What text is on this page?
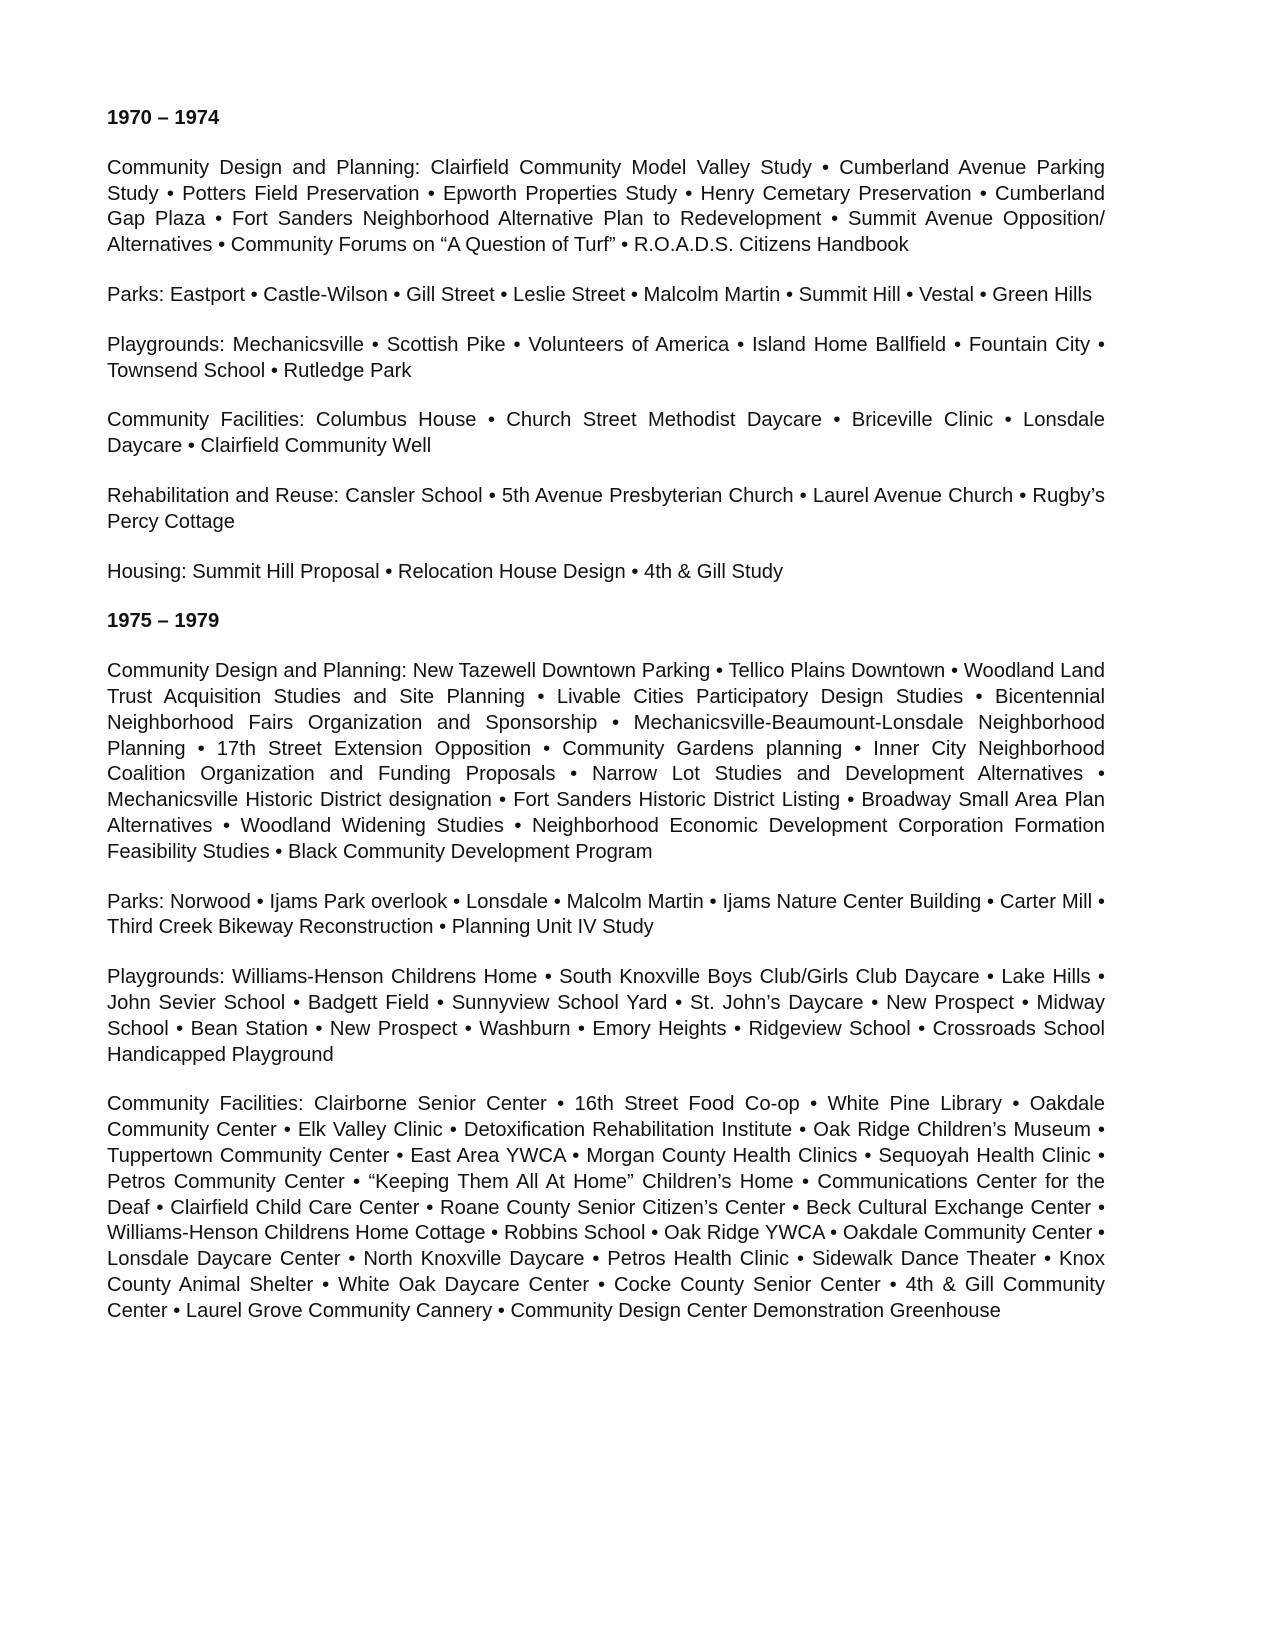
1970 – 1974

Community Design and Planning: Clairfield Community Model Valley Study • Cumberland Avenue Parking Study • Potters Field Preservation • Epworth Properties Study • Henry Cemetary Preservation • Cumberland Gap Plaza • Fort Sanders Neighborhood Alternative Plan to Redevelopment • Summit Avenue Opposition/ Alternatives • Community Forums on “A Question of Turf” • R.O.A.D.S. Citizens Handbook

Parks: Eastport • Castle-Wilson • Gill Street • Leslie Street • Malcolm Martin • Summit Hill • Vestal • Green Hills

Playgrounds: Mechanicsville • Scottish Pike • Volunteers of America • Island Home Ballfield • Fountain City • Townsend School • Rutledge Park

Community Facilities: Columbus House • Church Street Methodist Daycare • Briceville Clinic • Lonsdale Daycare • Clairfield Community Well

Rehabilitation and Reuse: Cansler School • 5th Avenue Presbyterian Church • Laurel Avenue Church • Rugby’s Percy Cottage

Housing: Summit Hill Proposal • Relocation House Design • 4th & Gill Study

1975 – 1979

Community Design and Planning: New Tazewell Downtown Parking • Tellico Plains Downtown • Woodland Land Trust Acquisition Studies and Site Planning • Livable Cities Participatory Design Studies • Bicentennial Neighborhood Fairs Organization and Sponsorship • Mechanicsville-Beaumount-Lonsdale Neighborhood Planning • 17th Street Extension Opposition • Community Gardens planning • Inner City Neighborhood Coalition Organization and Funding Proposals • Narrow Lot Studies and Development Alternatives • Mechanicsville Historic District designation • Fort Sanders Historic District Listing • Broadway Small Area Plan Alternatives • Woodland Widening Studies • Neighborhood Economic Development Corporation Formation Feasibility Studies • Black Community Development Program

Parks: Norwood • Ijams Park overlook • Lonsdale • Malcolm Martin • Ijams Nature Center Building • Carter Mill • Third Creek Bikeway Reconstruction • Planning Unit IV Study

Playgrounds: Williams-Henson Childrens Home • South Knoxville Boys Club/Girls Club Daycare • Lake Hills • John Sevier School • Badgett Field • Sunnyview School Yard • St. John’s Daycare • New Prospect • Midway School • Bean Station • New Prospect • Washburn • Emory Heights • Ridgeview School • Crossroads School Handicapped Playground

Community Facilities: Clairborne Senior Center • 16th Street Food Co-op • White Pine Library • Oakdale Community Center • Elk Valley Clinic • Detoxification Rehabilitation Institute • Oak Ridge Children’s Museum • Tuppertown Community Center • East Area YWCA • Morgan County Health Clinics • Sequoyah Health Clinic • Petros Community Center • “Keeping Them All At Home” Children’s Home • Communications Center for the Deaf • Clairfield Child Care Center • Roane County Senior Citizen’s Center • Beck Cultural Exchange Center • Williams-Henson Childrens Home Cottage • Robbins School • Oak Ridge YWCA • Oakdale Community Center • Lonsdale Daycare Center • North Knoxville Daycare • Petros Health Clinic • Sidewalk Dance Theater • Knox County Animal Shelter • White Oak Daycare Center • Cocke County Senior Center • 4th & Gill Community Center • Laurel Grove Community Cannery • Community Design Center Demonstration Greenhouse
